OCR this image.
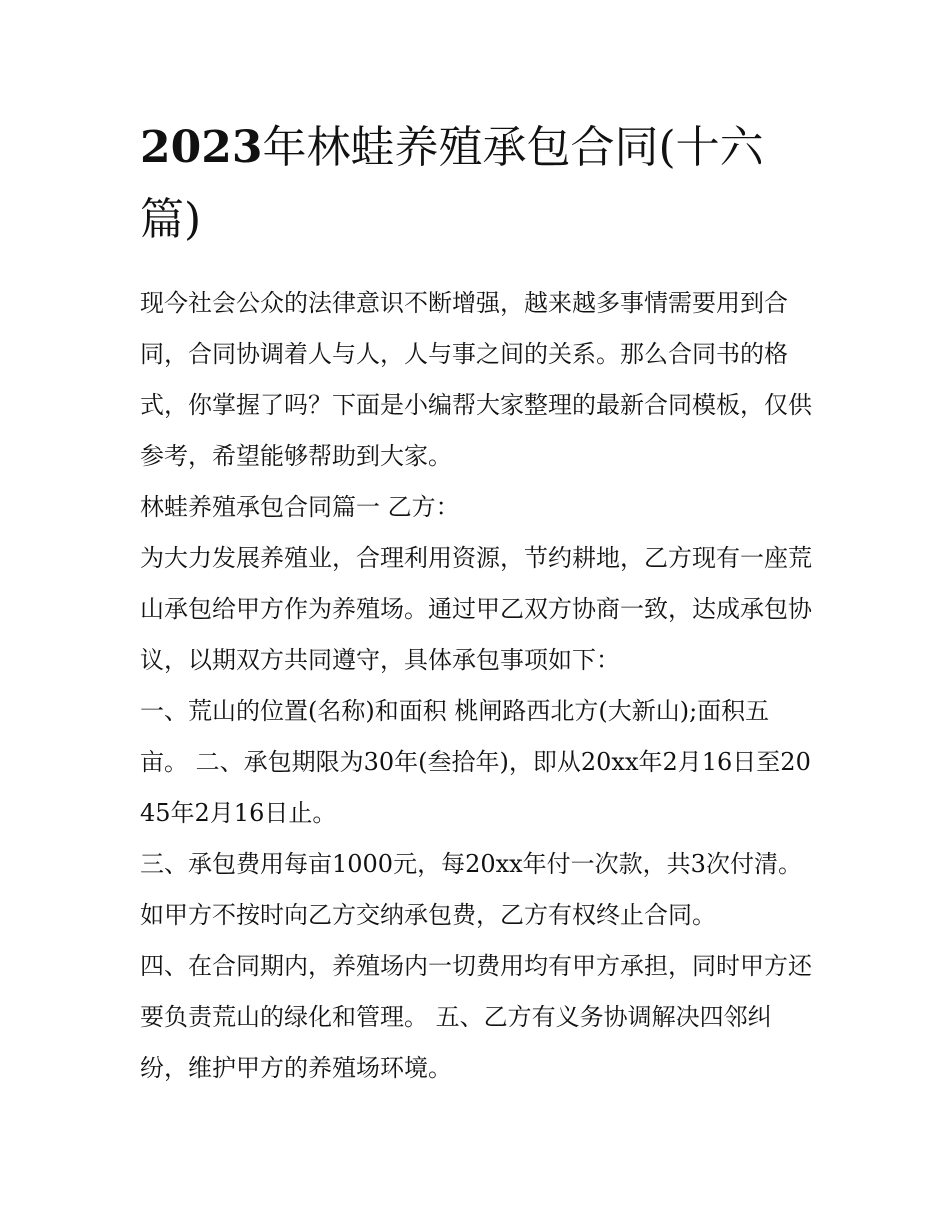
2023年林蛙养殖承包合同(十六篇)

现今社会公众的法律意识不断增强，越来越多事情需要用到合同，合同协调着人与人，人与事之间的关系。那么合同书的格式，你掌握了吗？下面是小编帮大家整理的最新合同模板，仅供参考，希望能够帮助到大家。

林蛙养殖承包合同篇一 乙方：

为大力发展养殖业，合理利用资源，节约耕地，乙方现有一座荒山承包给甲方作为养殖场。通过甲乙双方协商一致，达成承包协议，以期双方共同遵守，具体承包事项如下：

一、荒山的位置(名称)和面积 桃闸路西北方(大新山);面积五亩。 二、承包期限为30年(叁拾年)，即从20xx年2月16日至2045年2月16日止。

三、承包费用每亩1000元，每20xx年付一次款，共3次付清。如甲方不按时向乙方交纳承包费，乙方有权终止合同。

四、在合同期内，养殖场内一切费用均有甲方承担，同时甲方还要负责荒山的绿化和管理。 五、乙方有义务协调解决四邻纠纷，维护甲方的养殖场环境。
